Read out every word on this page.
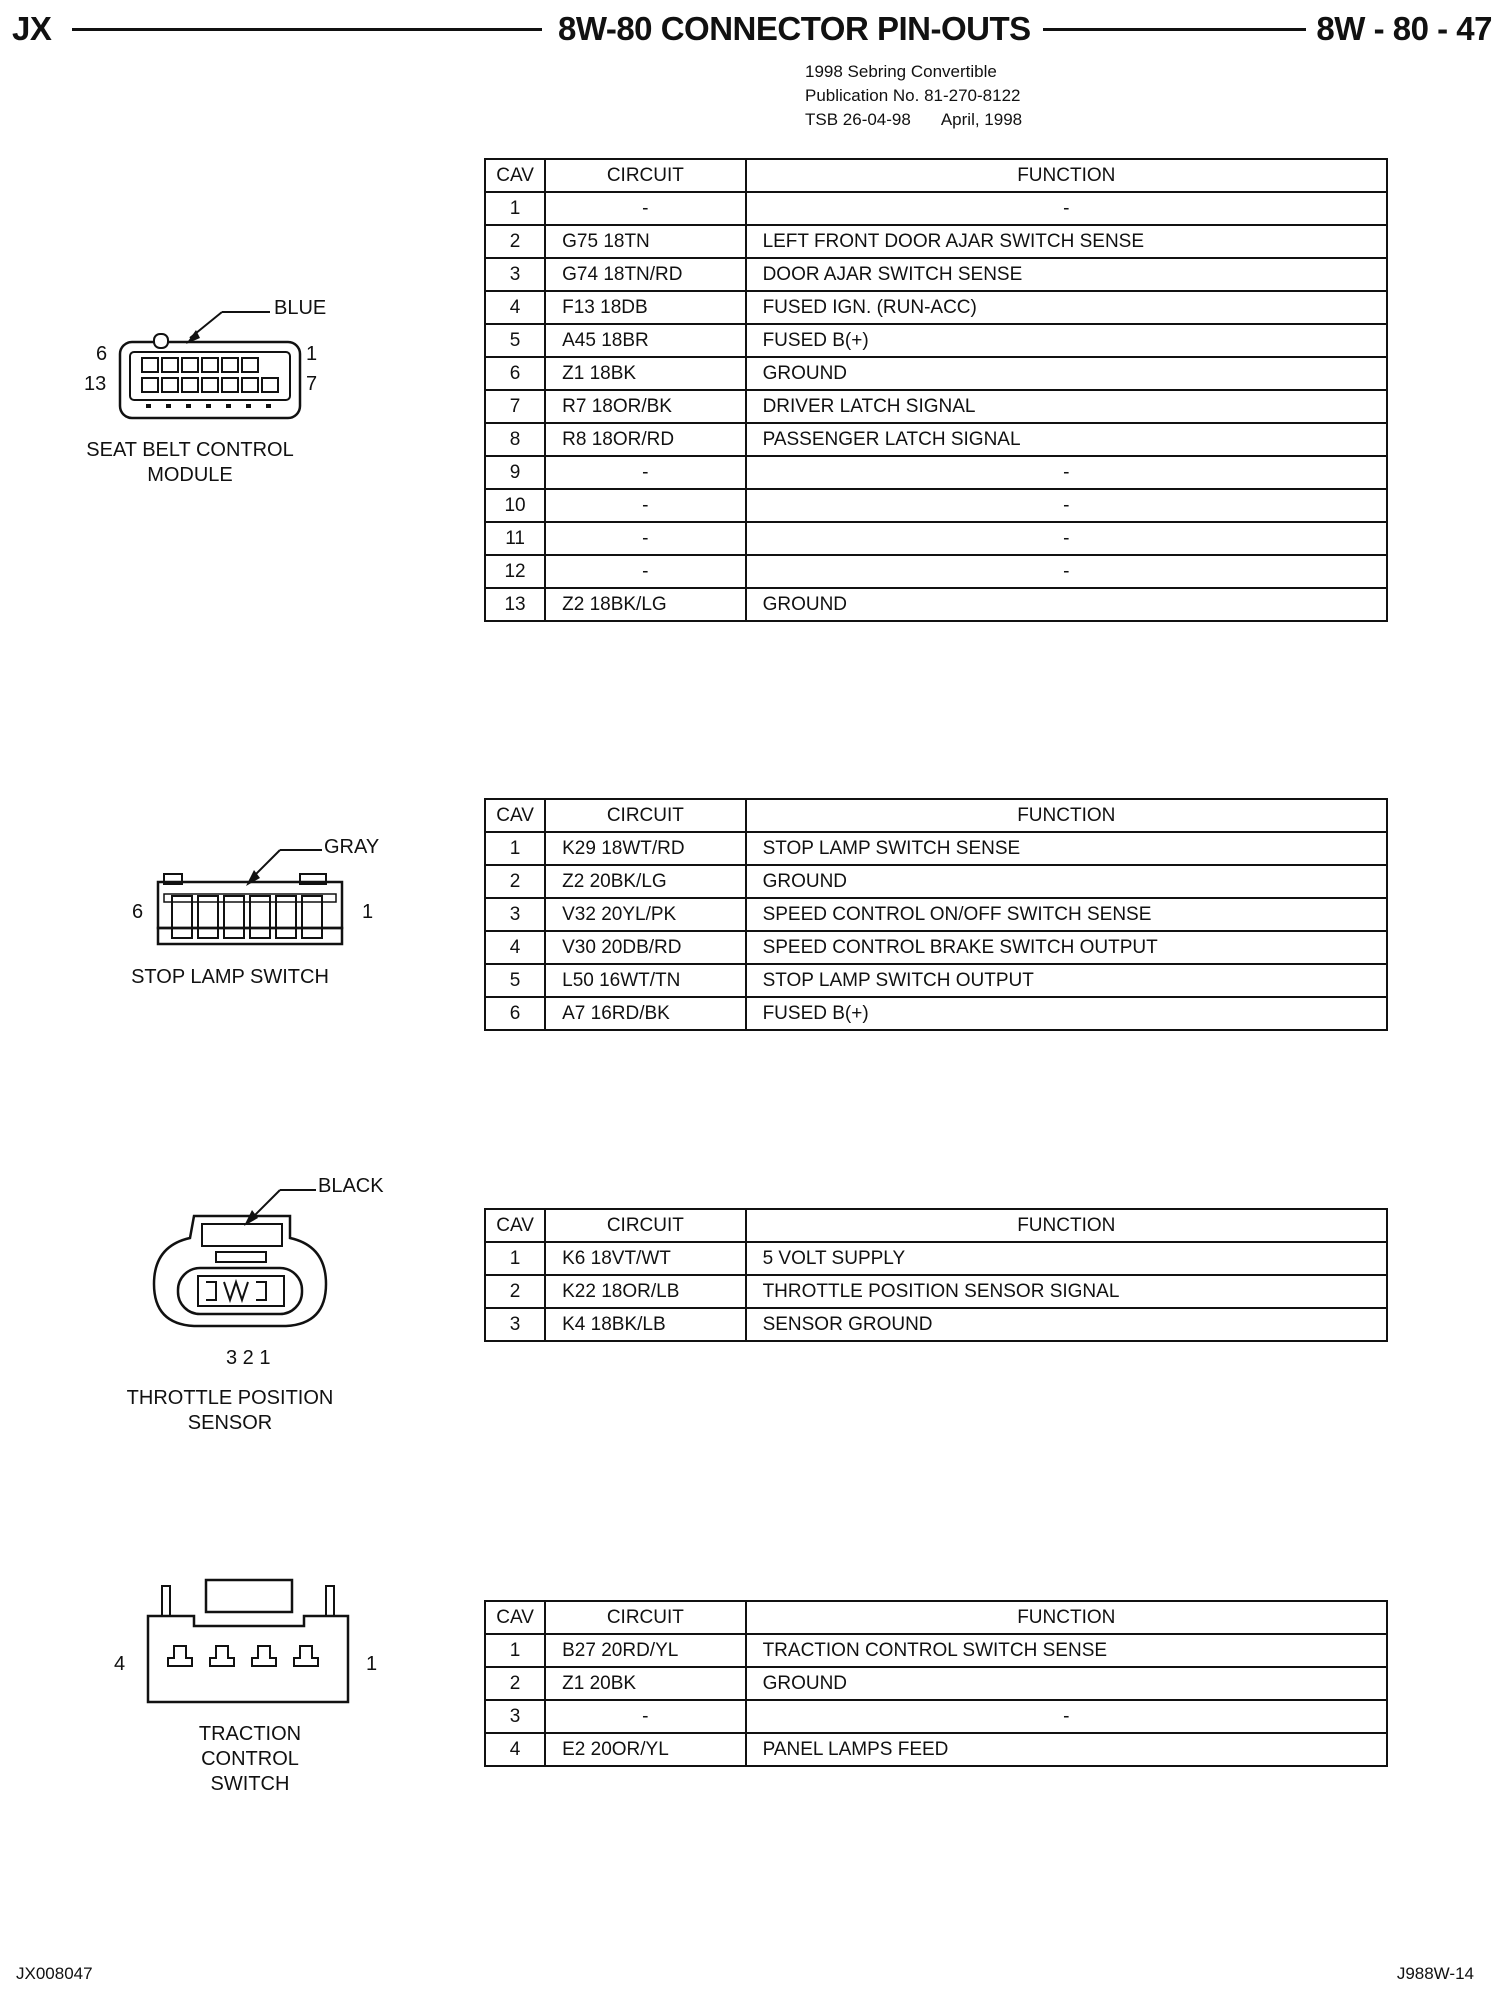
JX	8W-80 CONNECTOR PIN-OUTS	8W - 80 - 47
1998 Sebring Convertible
Publication No. 81-270-8122
TSB 26-04-98 April, 1998
BLUE
6	1
13	7
SEAT BELT CONTROL
MODULE
CAV	CIRCUIT	FUNCTION
1	-	-
2	G75 18TN	LEFT FRONT DOOR AJAR SWITCH SENSE
3	G74 18TN/RD	DOOR AJAR SWITCH SENSE
4	F13 18DB	FUSED IGN. (RUN-ACC)
5	A45 18BR	FUSED B(+)
6	Z1 18BK	GROUND
7	R7 18OR/BK	DRIVER LATCH SIGNAL
8	R8 18OR/RD	PASSENGER LATCH SIGNAL
9	-	-
10	-	-
11	-	-
12	-	-
13	Z2 18BK/LG	GROUND
GRAY
6	1
STOP LAMP SWITCH
CAV	CIRCUIT	FUNCTION
1	K29 18WT/RD	STOP LAMP SWITCH SENSE
2	Z2 20BK/LG	GROUND
3	V32 20YL/PK	SPEED CONTROL ON/OFF SWITCH SENSE
4	V30 20DB/RD	SPEED CONTROL BRAKE SWITCH OUTPUT
5	L50 16WT/TN	STOP LAMP SWITCH OUTPUT
6	A7 16RD/BK	FUSED B(+)
BLACK
3 2 1
THROTTLE POSITION
SENSOR
CAV	CIRCUIT	FUNCTION
1	K6 18VT/WT	5 VOLT SUPPLY
2	K22 18OR/LB	THROTTLE POSITION SENSOR SIGNAL
3	K4 18BK/LB	SENSOR GROUND
4	1
TRACTION
CONTROL
SWITCH
CAV	CIRCUIT	FUNCTION
1	B27 20RD/YL	TRACTION CONTROL SWITCH SENSE
2	Z1 20BK	GROUND
3	-	-
4	E2 20OR/YL	PANEL LAMPS FEED
JX008047	J988W-14
